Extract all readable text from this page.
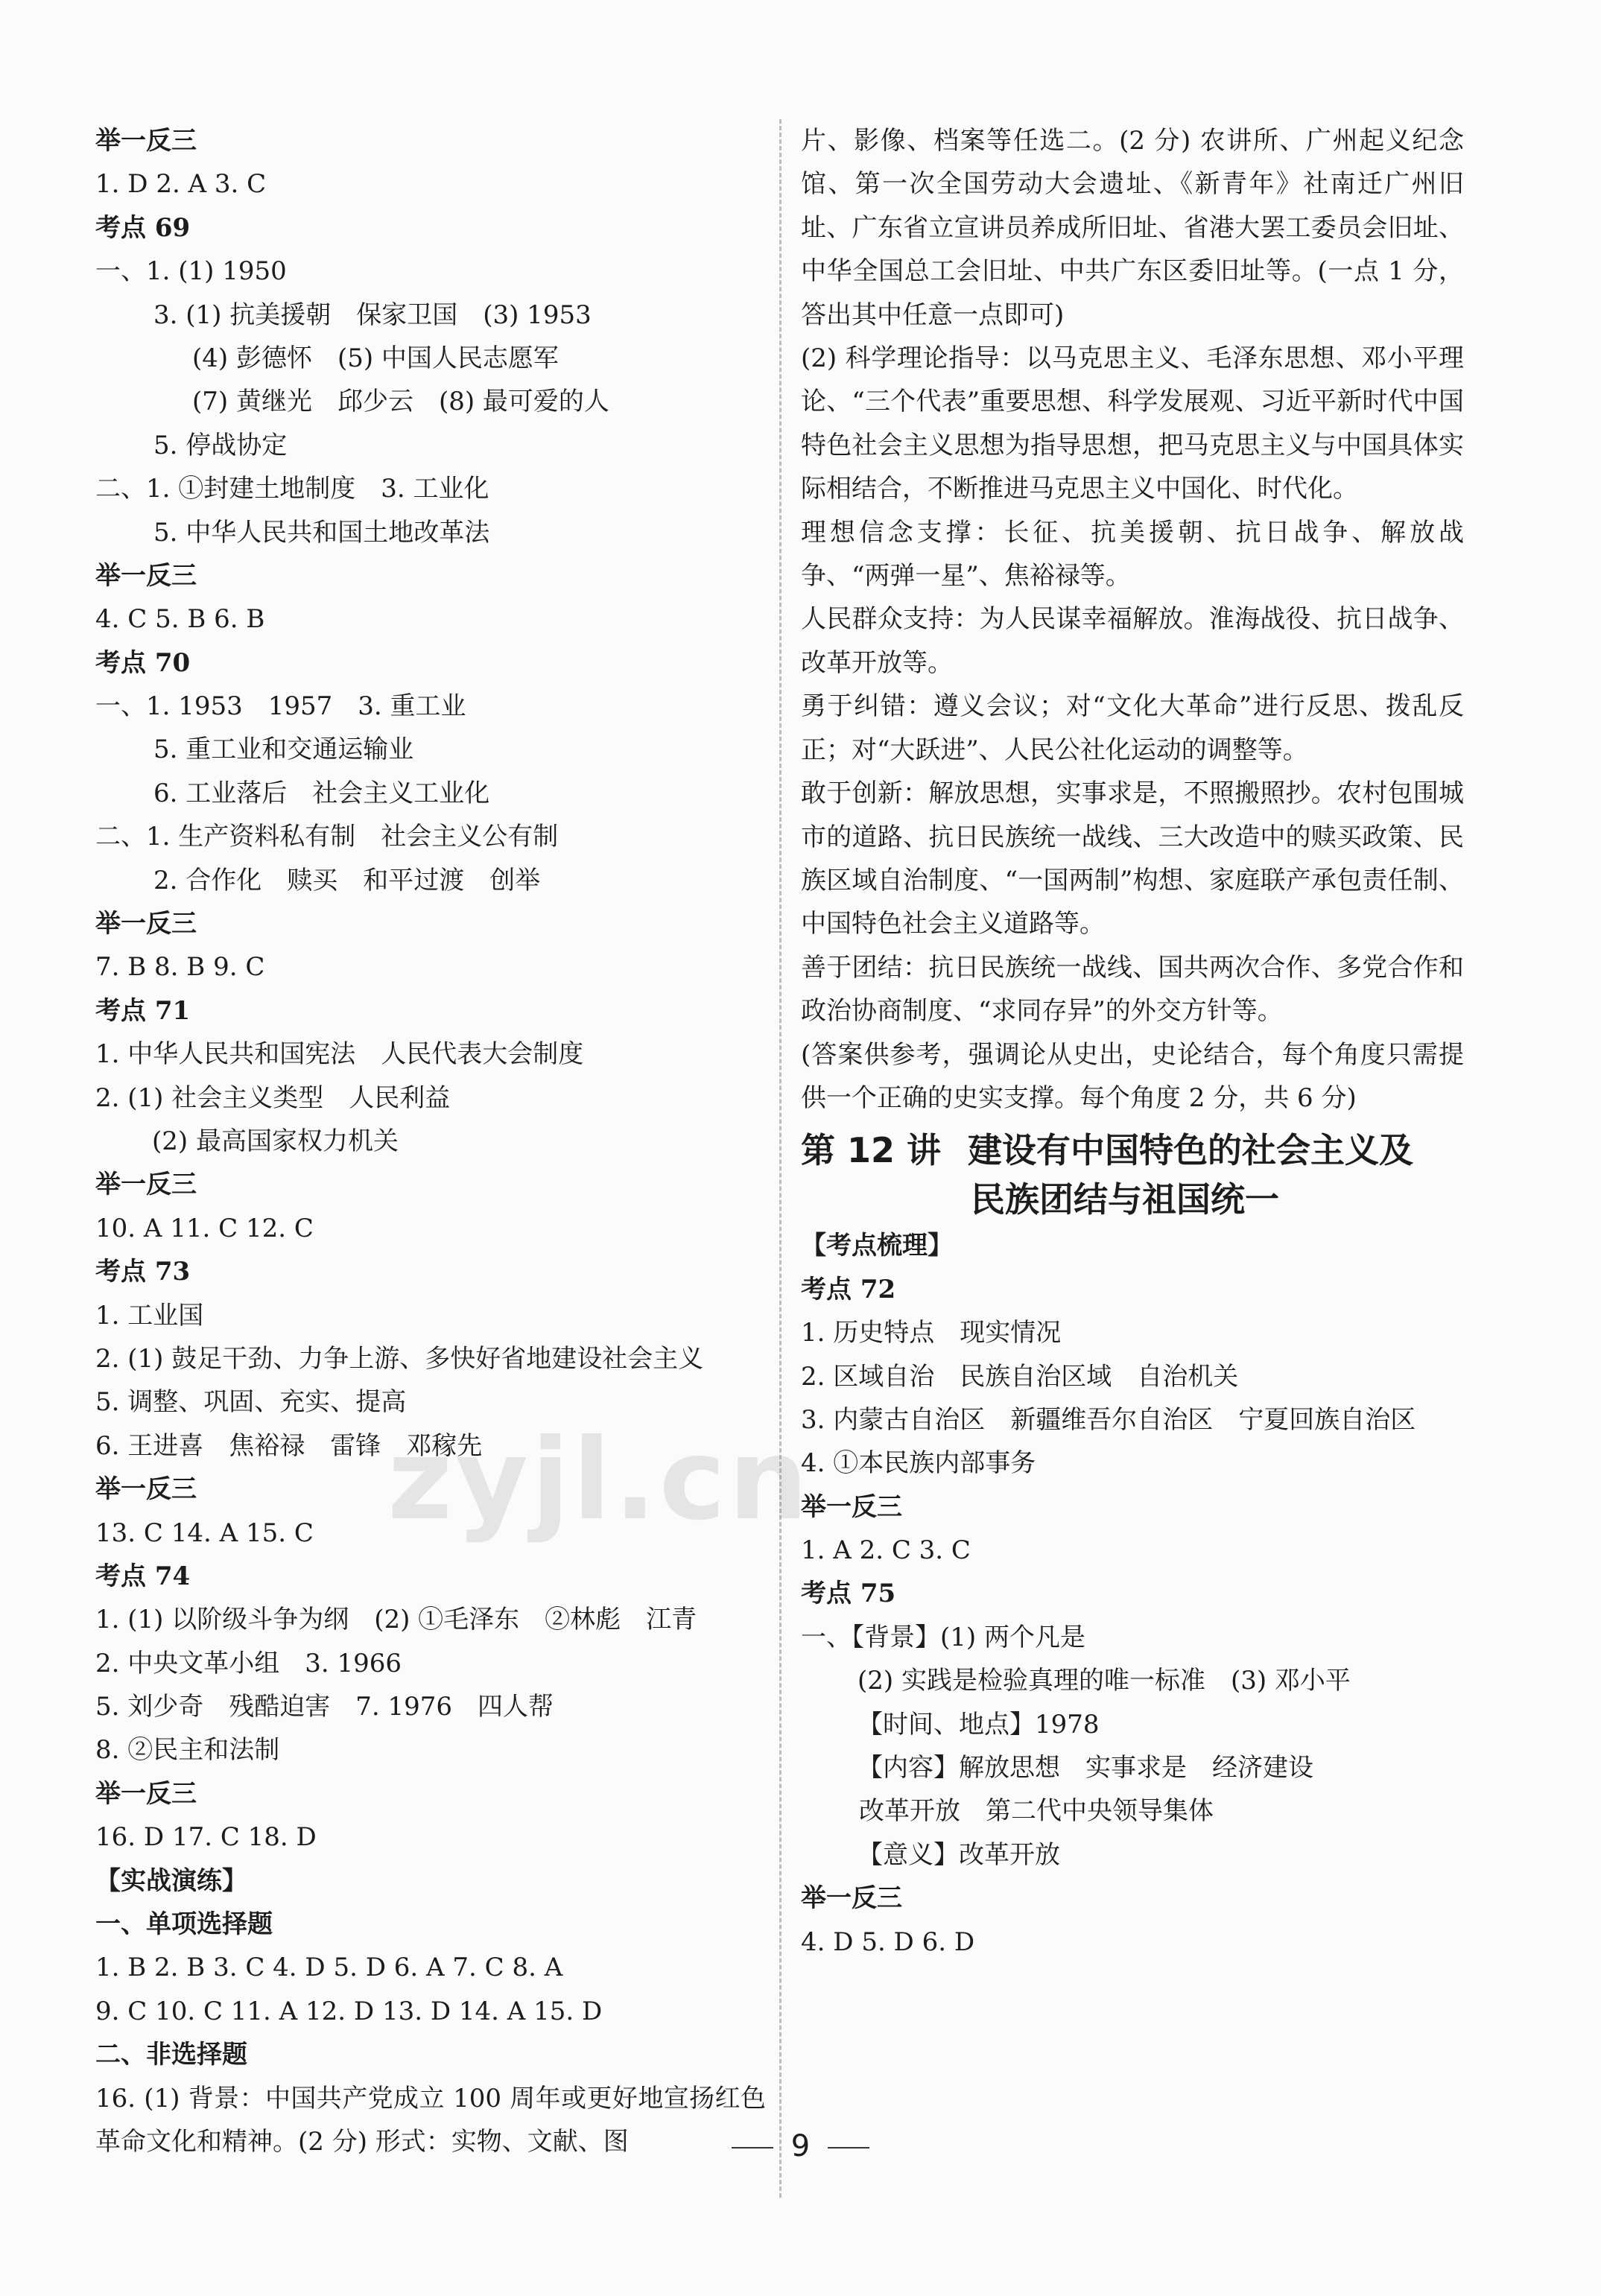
举一反三
1. D 2. A 3. C
考点 69
一、1. (1) 1950
3. (1) 抗美援朝　保家卫国　(3) 1953
(4) 彭德怀　(5) 中国人民志愿军
(7) 黄继光　邱少云　(8) 最可爱的人
5. 停战协定
二、1. ①封建土地制度　3. 工业化
5. 中华人民共和国土地改革法
举一反三
4. C 5. B 6. B
考点 70
一、1. 1953　1957　3. 重工业
5. 重工业和交通运输业
6. 工业落后　社会主义工业化
二、1. 生产资料私有制　社会主义公有制
2. 合作化　赎买　和平过渡　创举
举一反三
7. B 8. B 9. C
考点 71
1. 中华人民共和国宪法　人民代表大会制度
2. (1) 社会主义类型　人民利益
(2) 最高国家权力机关
举一反三
10. A 11. C 12. C
考点 73
1. 工业国
2. (1) 鼓足干劲、力争上游、多快好省地建设社会主义
5. 调整、巩固、充实、提高
6. 王进喜　焦裕禄　雷锋　邓稼先
举一反三
13. C 14. A 15. C
考点 74
1. (1) 以阶级斗争为纲　(2) ①毛泽东　②林彪　江青
2. 中央文革小组　3. 1966
5. 刘少奇　残酷迫害　7. 1976　四人帮
8. ②民主和法制
举一反三
16. D 17. C 18. D
【实战演练】
一、单项选择题
1. B 2. B 3. C 4. D 5. D 6. A 7. C 8. A
9. C 10. C 11. A 12. D 13. D 14. A 15. D
二、非选择题
16. (1) 背景：中国共产党成立 100 周年或更好地宣扬红色革命文化和精神。(2 分) 形式：实物、文献、图
片、影像、档案等任选二。(2 分) 农讲所、广州起义纪念馆、第一次全国劳动大会遗址、《新青年》社南迁广州旧址、广东省立宣讲员养成所旧址、省港大罢工委员会旧址、中华全国总工会旧址、中共广东区委旧址等。(一点 1 分，答出其中任意一点即可)
(2) 科学理论指导：以马克思主义、毛泽东思想、邓小平理论、“三个代表”重要思想、科学发展观、习近平新时代中国特色社会主义思想为指导思想，把马克思主义与中国具体实际相结合，不断推进马克思主义中国化、时代化。
理想信念支撑：长征、抗美援朝、抗日战争、解放战争、“两弹一星”、焦裕禄等。
人民群众支持：为人民谋幸福解放。淮海战役、抗日战争、改革开放等。
勇于纠错：遵义会议；对“文化大革命”进行反思、拨乱反正；对“大跃进”、人民公社化运动的调整等。
敢于创新：解放思想，实事求是，不照搬照抄。农村包围城市的道路、抗日民族统一战线、三大改造中的赎买政策、民族区域自治制度、“一国两制”构想、家庭联产承包责任制、中国特色社会主义道路等。
善于团结：抗日民族统一战线、国共两次合作、多党合作和政治协商制度、“求同存异”的外交方针等。
(答案供参考，强调论从史出，史论结合，每个角度只需提供一个正确的史实支撑。每个角度 2 分，共 6 分)
第 12 讲 建设有中国特色的社会主义及
民族团结与祖国统一
【考点梳理】
考点 72
1. 历史特点　现实情况
2. 区域自治　民族自治区域　自治机关
3. 内蒙古自治区　新疆维吾尔自治区　宁夏回族自治区
4. ①本民族内部事务
举一反三
1. A 2. C 3. C
考点 75
一、【背景】(1) 两个凡是
(2) 实践是检验真理的唯一标准　(3) 邓小平
【时间、地点】1978
【内容】解放思想　实事求是　经济建设
改革开放　第二代中央领导集体
【意义】改革开放
举一反三
4. D 5. D 6. D
zyjl.cn
9
